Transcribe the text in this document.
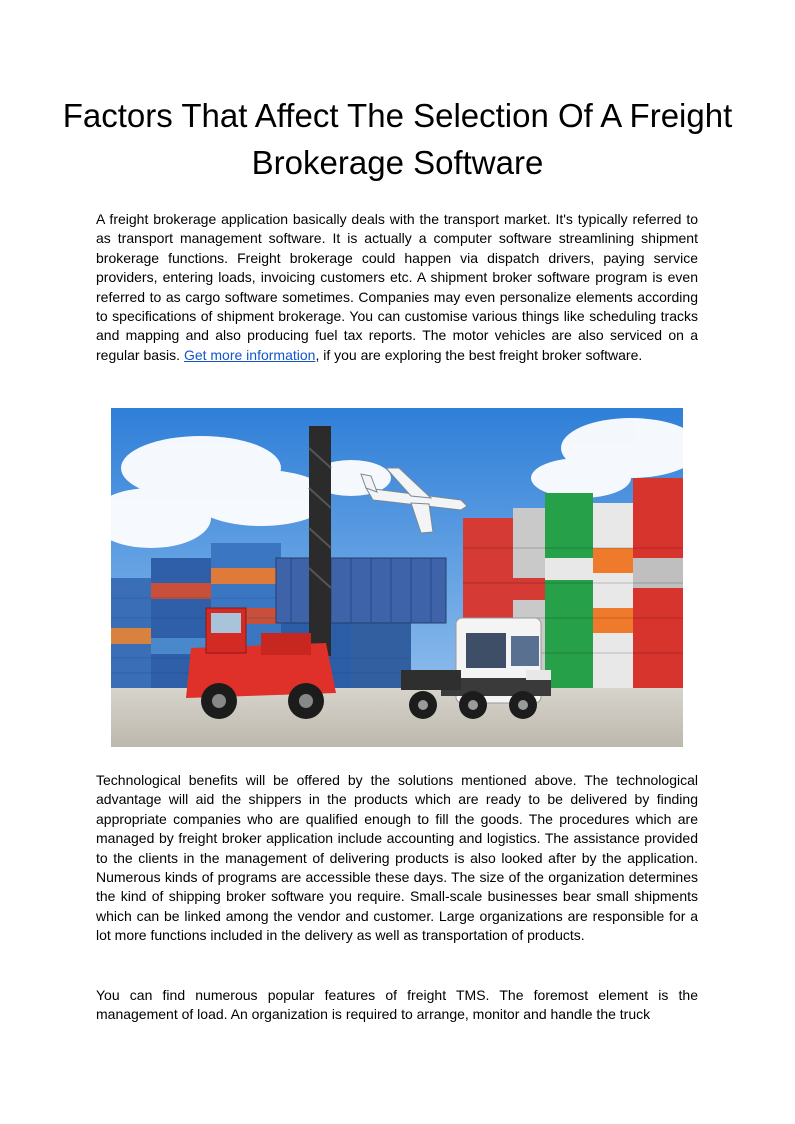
Factors That Affect The Selection Of A Freight Brokerage Software

A freight brokerage application basically deals with the transport market. It's typically referred to as transport management software. It is actually a computer software streamlining shipment brokerage functions. Freight brokerage could happen via dispatch drivers, paying service providers, entering loads, invoicing customers etc. A shipment broker software program is even referred to as cargo software sometimes. Companies may even personalize elements according to specifications of shipment brokerage. You can customise various things like scheduling tracks and mapping and also producing fuel tax reports. The motor vehicles are also serviced on a regular basis. Get more information, if you are exploring the best freight broker software.

Technological benefits will be offered by the solutions mentioned above. The technological advantage will aid the shippers in the products which are ready to be delivered by finding appropriate companies who are qualified enough to fill the goods. The procedures which are managed by freight broker application include accounting and logistics. The assistance provided to the clients in the management of delivering products is also looked after by the application. Numerous kinds of programs are accessible these days. The size of the organization determines the kind of shipping broker software you require. Small-scale businesses bear small shipments which can be linked among the vendor and customer. Large organizations are responsible for a lot more functions included in the delivery as well as transportation of products.

You can find numerous popular features of freight TMS. The foremost element is the management of load. An organization is required to arrange, monitor and handle the truck
